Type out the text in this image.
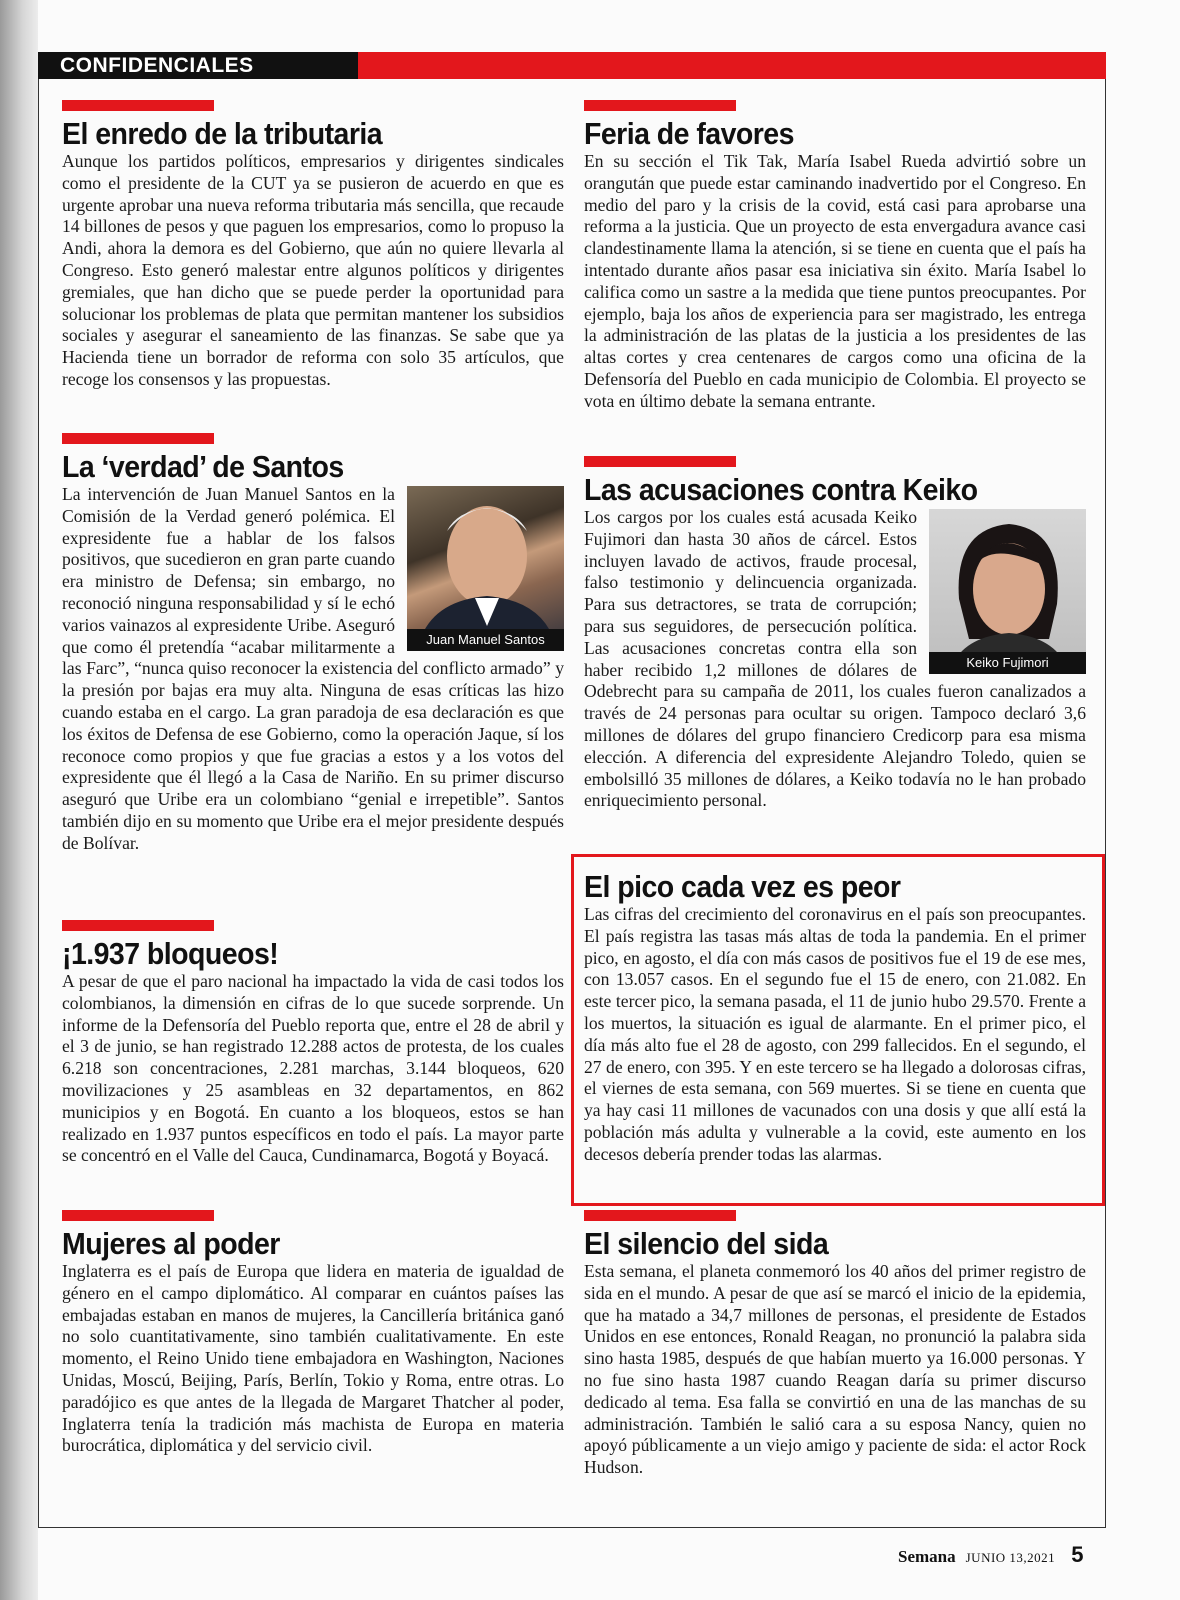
CONFIDENCIALES
El enredo de la tributaria

Aunque los partidos políticos, empresarios y dirigentes sindicales como el presidente de la CUT ya se pusieron de acuerdo en que es urgente aprobar una nueva reforma tributaria más sencilla, que recaude 14 billones de pesos y que paguen los empresarios, como lo propuso la Andi, ahora la demora es del Gobierno, que aún no quiere llevarla al Congreso. Esto generó malestar entre algunos políticos y dirigentes gremiales, que han dicho que se puede perder la oportunidad para solucionar los problemas de plata que permitan mantener los subsidios sociales y asegurar el saneamiento de las finanzas. Se sabe que ya Hacienda tiene un borrador de reforma con solo 35 artículos, que recoge los consensos y las propuestas.

La ‘verdad’ de Santos
Juan Manuel Santos

La intervención de Juan Manuel Santos en la Comisión de la Verdad generó polémica. El expresidente fue a hablar de los falsos positivos, que sucedieron en gran parte cuando era ministro de Defensa; sin embargo, no reconoció ninguna responsabilidad y sí le echó varios vainazos al expresidente Uribe. Aseguró que como él pretendía “acabar militarmente a las Farc”, “nunca quiso reconocer la existencia del conflicto armado” y la presión por bajas era muy alta. Ninguna de esas críticas las hizo cuando estaba en el cargo. La gran paradoja de esa declaración es que los éxitos de Defensa de ese Gobierno, como la operación Jaque, sí los reconoce como propios y que fue gracias a estos y a los votos del expresidente que él llegó a la Casa de Nariño. En su primer discurso aseguró que Uribe era un colombiano “genial e irrepetible”. Santos también dijo en su momento que Uribe era el mejor presidente después de Bolívar.

¡1.937 bloqueos!

A pesar de que el paro nacional ha impactado la vida de casi todos los colombianos, la dimensión en cifras de lo que sucede sorprende. Un informe de la Defensoría del Pueblo reporta que, entre el 28 de abril y el 3 de junio, se han registrado 12.288 actos de protesta, de los cuales 6.218 son concentraciones, 2.281 marchas, 3.144 bloqueos, 620 movilizaciones y 25 asambleas en 32 departamentos, en 862 municipios y en Bogotá. En cuanto a los bloqueos, estos se han realizado en 1.937 puntos específicos en todo el país. La mayor parte se concentró en el Valle del Cauca, Cundinamarca, Bogotá y Boyacá.

Mujeres al poder

Inglaterra es el país de Europa que lidera en materia de igualdad de género en el campo diplomático. Al comparar en cuántos países las embajadas estaban en manos de mujeres, la Cancillería británica ganó no solo cuantitativamente, sino también cualitativamente. En este momento, el Reino Unido tiene embajadora en Washington, Naciones Unidas, Moscú, Beijing, París, Berlín, Tokio y Roma, entre otras. Lo paradójico es que antes de la llegada de Margaret Thatcher al poder, Inglaterra tenía la tradición más machista de Europa en materia burocrática, diplomática y del servicio civil.

Feria de favores

En su sección el Tik Tak, María Isabel Rueda advirtió sobre un orangután que puede estar caminando inadvertido por el Congreso. En medio del paro y la crisis de la covid, está casi para aprobarse una reforma a la justicia. Que un proyecto de esta envergadura avance casi clandestinamente llama la atención, si se tiene en cuenta que el país ha intentado durante años pasar esa iniciativa sin éxito. María Isabel lo califica como un sastre a la medida que tiene puntos preocupantes. Por ejemplo, baja los años de experiencia para ser magistrado, les entrega la administración de las platas de la justicia a los presidentes de las altas cortes y crea centenares de cargos como una oficina de la Defensoría del Pueblo en cada municipio de Colombia. El proyecto se vota en último debate la semana entrante.

Las acusaciones contra Keiko
Keiko Fujimori

Los cargos por los cuales está acusada Keiko Fujimori dan hasta 30 años de cárcel. Estos incluyen lavado de activos, fraude procesal, falso testimonio y delincuencia organizada. Para sus detractores, se trata de corrupción; para sus seguidores, de persecución política. Las acusaciones concretas contra ella son haber recibido 1,2 millones de dólares de Odebrecht para su campaña de 2011, los cuales fueron canalizados a través de 24 personas para ocultar su origen. Tampoco declaró 3,6 millones de dólares del grupo financiero Credicorp para esa misma elección. A diferencia del expresidente Alejandro Toledo, quien se embolsilló 35 millones de dólares, a Keiko todavía no le han probado enriquecimiento personal.

El pico cada vez es peor

Las cifras del crecimiento del coronavirus en el país son preocupantes. El país registra las tasas más altas de toda la pandemia. En el primer pico, en agosto, el día con más casos de positivos fue el 19 de ese mes, con 13.057 casos. En el segundo fue el 15 de enero, con 21.082. En este tercer pico, la semana pasada, el 11 de junio hubo 29.570. Frente a los muertos, la situación es igual de alarmante. En el primer pico, el día más alto fue el 28 de agosto, con 299 fallecidos. En el segundo, el 27 de enero, con 395. Y en este tercero se ha llegado a dolorosas cifras, el viernes de esta semana, con 569 muertes. Si se tiene en cuenta que ya hay casi 11 millones de vacunados con una dosis y que allí está la población más adulta y vulnerable a la covid, este aumento en los decesos debería prender todas las alarmas.

El silencio del sida

Esta semana, el planeta conmemoró los 40 años del primer registro de sida en el mundo. A pesar de que así se marcó el inicio de la epidemia, que ha matado a 34,7 millones de personas, el presidente de Estados Unidos en ese entonces, Ronald Reagan, no pronunció la palabra sida sino hasta 1985, después de que habían muerto ya 16.000 personas. Y no fue sino hasta 1987 cuando Reagan daría su primer discurso dedicado al tema. Esa falla se convirtió en una de las manchas de su administración. También le salió cara a su esposa Nancy, quien no apoyó públicamente a un viejo amigo y paciente de sida: el actor Rock Hudson.

Semana JUNIO 13,2021 5
